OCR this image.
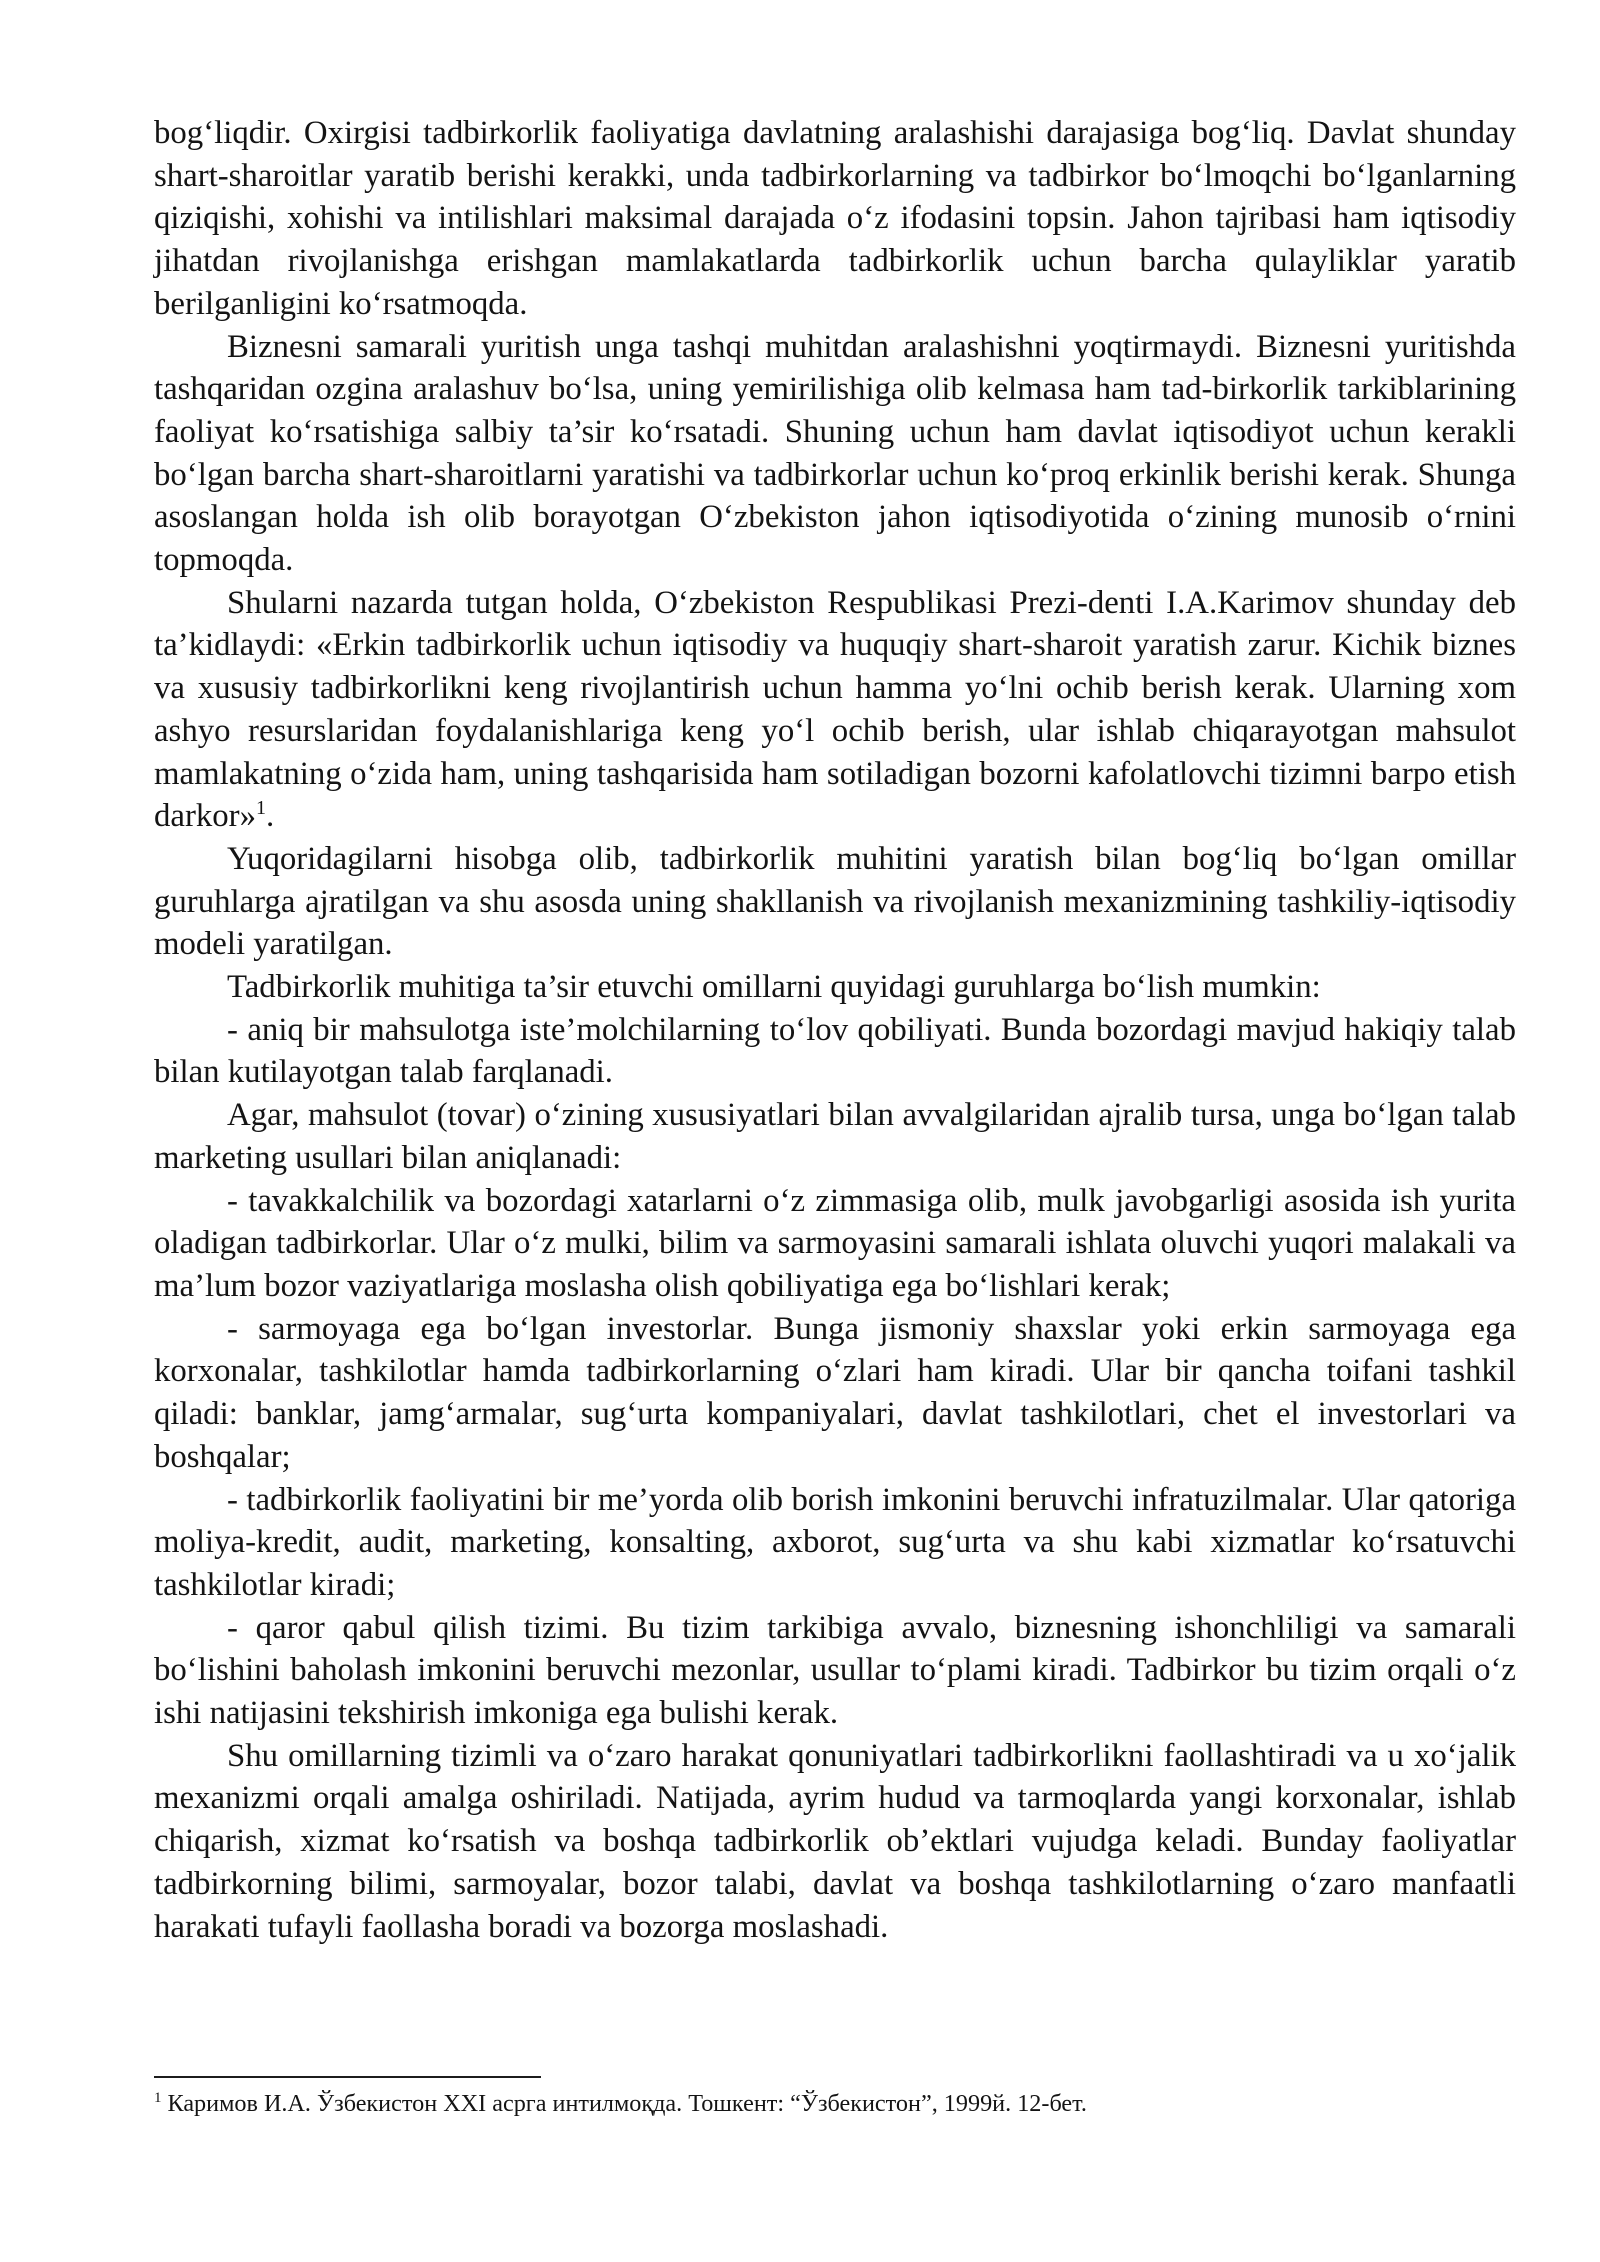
bog‘liqdir. Oxirgisi tadbirkorlik faoliyatiga davlatning aralashishi darajasiga bog‘liq. Davlat shunday shart-sharoitlar yaratib berishi kerakki, unda tadbirkorlarning va tadbirkor bo‘lmoqchi bo‘lganlarning qiziqishi, xohishi va intilishlari maksimal darajada o‘z ifodasini topsin. Jahon tajribasi ham iqtisodiy jihatdan rivojlanishga erishgan mamlakatlarda tadbirkorlik uchun barcha qulayliklar yaratib berilganligini ko‘rsatmoqda.

Biznesni samarali yuritish unga tashqi muhitdan aralashishni yoqtirmaydi. Biznesni yuritishda tashqaridan ozgina aralashuv bo‘lsa, uning yemirilishiga olib kelmasa ham tad-birkorlik tarkiblarining faoliyat ko‘rsatishiga salbiy ta’sir ko‘rsatadi. Shuning uchun ham davlat iqtisodiyot uchun kerakli bo‘lgan barcha shart-sharoitlarni yaratishi va tadbirkorlar uchun ko‘proq erkinlik berishi kerak. Shunga asoslangan holda ish olib borayotgan O‘zbekiston jahon iqtisodiyotida o‘zining munosib o‘rnini topmoqda.

Shularni nazarda tutgan holda, O‘zbekiston Respublikasi Prezi-denti I.A.Karimov shunday deb ta’kidlaydi: «Erkin tadbirkorlik uchun iqtisodiy va huquqiy shart-sharoit yaratish zarur. Kichik biznes va xususiy tadbirkorlikni keng rivojlantirish uchun hamma yo‘lni ochib berish kerak. Ularning xom ashyo resurslaridan foydalanishlariga keng yo‘l ochib berish, ular ishlab chiqarayotgan mahsulot mamlakatning o‘zida ham, uning tashqarisida ham sotiladigan bozorni kafolatlovchi tizimni barpo etish darkor»$^1$.

Yuqoridagilarni hisobga olib, tadbirkorlik muhitini yaratish bilan bog‘liq bo‘lgan omillar guruhlarga ajratilgan va shu asosda uning shakllanish va rivojlanish mexanizmining tashkiliy-iqtisodiy modeli yaratilgan.

Tadbirkorlik muhitiga ta’sir etuvchi omillarni quyidagi guruhlarga bo‘lish mumkin:

- aniq bir mahsulotga iste’molchilarning to‘lov qobiliyati. Bunda bozordagi mavjud hakiqiy talab bilan kutilayotgan talab farqlanadi.

Agar, mahsulot (tovar) o‘zining xususiyatlari bilan avvalgilaridan ajralib tursa, unga bo‘lgan talab marketing usullari bilan aniqlanadi:

- tavakkalchilik va bozordagi xatarlarni o‘z zimmasiga olib, mulk javobgarligi asosida ish yurita oladigan tadbirkorlar. Ular o‘z mulki, bilim va sarmoyasini samarali ishlata oluvchi yuqori malakali va ma’lum bozor vaziyatlariga moslasha olish qobiliyatiga ega bo‘lishlari kerak;

- sarmoyaga ega bo‘lgan investorlar. Bunga jismoniy shaxslar yoki erkin sarmoyaga ega korxonalar, tashkilotlar hamda tadbirkorlarning o‘zlari ham kiradi. Ular bir qancha toifani tashkil qiladi: banklar, jamg‘armalar, sug‘urta kompaniyalari, davlat tashkilotlari, chet el investorlari va boshqalar;

- tadbirkorlik faoliyatini bir me’yorda olib borish imkonini beruvchi infratuzilmalar. Ular qatoriga moliya-kredit, audit, marketing, konsalting, axborot, sug‘urta va shu kabi xizmatlar ko‘rsatuvchi tashkilotlar kiradi;

- qaror qabul qilish tizimi. Bu tizim tarkibiga avvalo, biznesning ishonchliligi va samarali bo‘lishini baholash imkonini beruvchi mezonlar, usullar to‘plami kiradi. Tadbirkor bu tizim orqali o‘z ishi natijasini tekshirish imkoniga ega bulishi kerak.

Shu omillarning tizimli va o‘zaro harakat qonuniyatlari tadbirkorlikni faollashtiradi va u xo‘jalik mexanizmi orqali amalga oshiriladi. Natijada, ayrim hudud va tarmoqlarda yangi korxonalar, ishlab chiqarish, xizmat ko‘rsatish va boshqa tadbirkorlik ob’ektlari vujudga keladi. Bunday faoliyatlar tadbirkorning bilimi, sarmoyalar, bozor talabi, davlat va boshqa tashkilotlarning o‘zaro manfaatli harakati tufayli faollasha boradi va bozorga moslashadi.

$^1$ Каримов И.А. Ўзбекистон XXI асрга интилмоқда. Тошкент: “Ўзбекистон”, 1999й. 12-бет.
